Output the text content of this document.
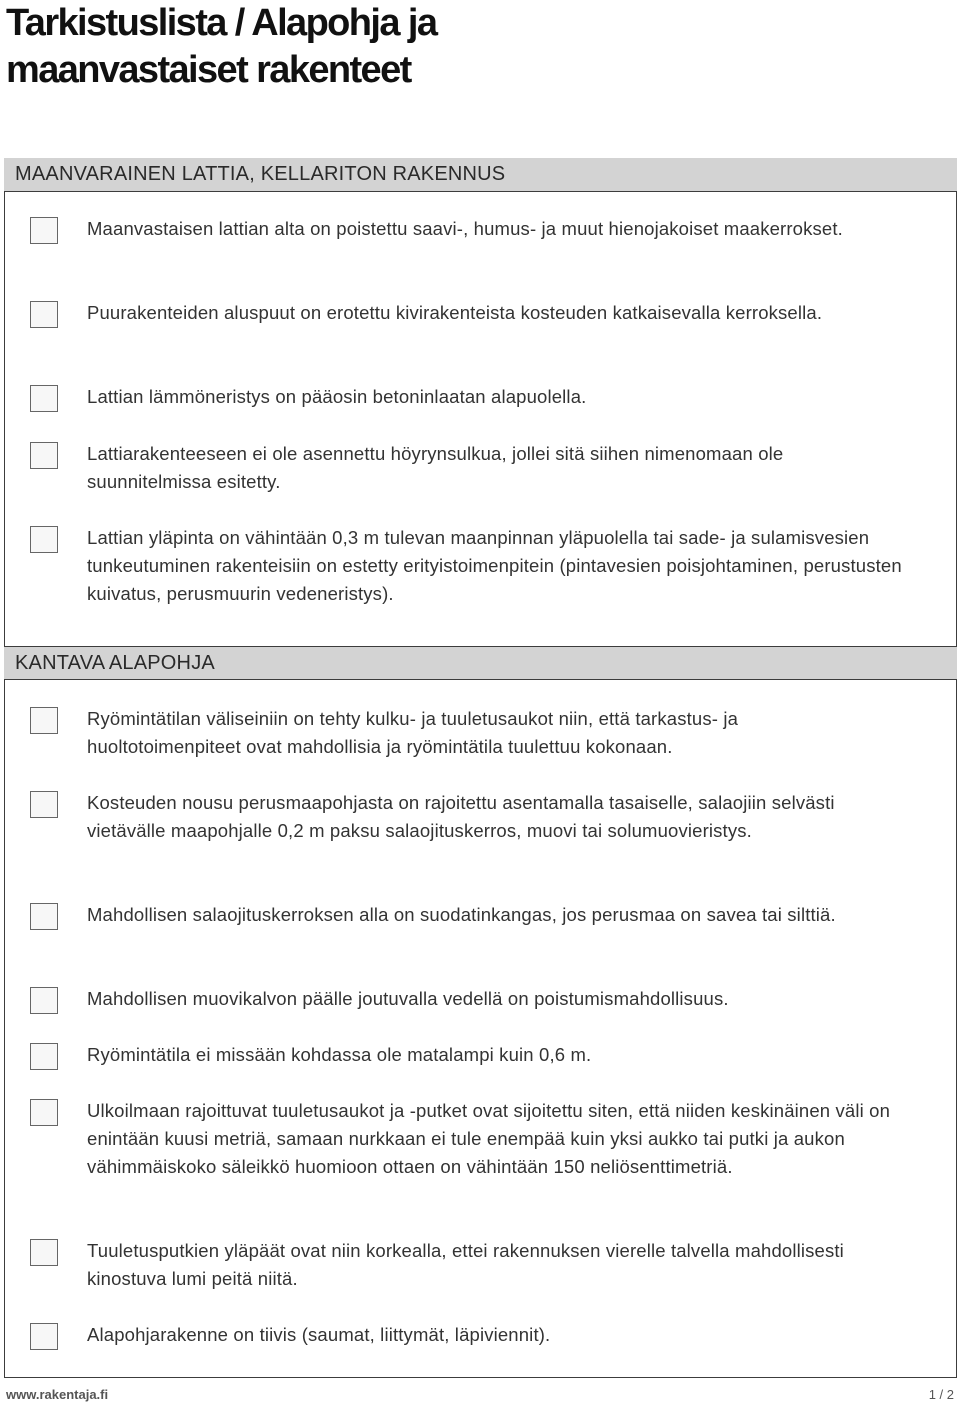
Tarkistuslista / Alapohja ja
maanvastaiset rakenteet
MAANVARAINEN LATTIA, KELLARITON RAKENNUS
Maanvastaisen lattian alta on poistettu saavi-, humus- ja muut hienojakoiset maakerrokset.
Puurakenteiden aluspuut on erotettu kivirakenteista kosteuden katkaisevalla kerroksella.
Lattian lämmöneristys on pääosin betoninlaatan alapuolella.
Lattiarakenteeseen ei ole asennettu höyrynsulkua, jollei sitä siihen nimenomaan ole suunnitelmissa esitetty.
Lattian yläpinta on vähintään 0,3 m tulevan maanpinnan yläpuolella tai sade- ja sulamisvesien tunkeutuminen rakenteisiin on estetty erityistoimenpitein (pintavesien poisjohtaminen, perustusten kuivatus, perusmuurin vedeneristys).
KANTAVA ALAPOHJA
Ryömintätilan väliseiniin on tehty kulku- ja tuuletusaukot niin, että tarkastus- ja huoltotoimenpiteet ovat mahdollisia ja ryömintätila tuulettuu kokonaan.
Kosteuden nousu perusmaapohjasta on rajoitettu asentamalla tasaiselle, salaojiin selvästi vietävälle maapohjalle 0,2 m paksu salaojituskerros, muovi tai solumuovieristys.
Mahdollisen salaojituskerroksen alla on suodatinkangas, jos perusmaa on savea tai silttiä.
Mahdollisen muovikalvon päälle joutuvalla vedellä on poistumismahdollisuus.
Ryömintätila ei missään kohdassa ole matalampi kuin 0,6 m.
Ulkoilmaan rajoittuvat tuuletusaukot ja -putket ovat sijoitettu siten, että niiden keskinäinen väli on enintään kuusi metriä, samaan nurkkaan ei tule enempää kuin yksi aukko tai putki ja aukon vähimmäiskoko säleikkö huomioon ottaen on vähintään 150 neliösenttimetriä.
Tuuletusputkien yläpäät ovat niin korkealla, ettei rakennuksen vierelle talvella mahdollisesti kinostuva lumi peitä niitä.
Alapohjarakenne on tiivis (saumat, liittymät, läpiviennit).
www.rakentaja.fi	1 / 2
